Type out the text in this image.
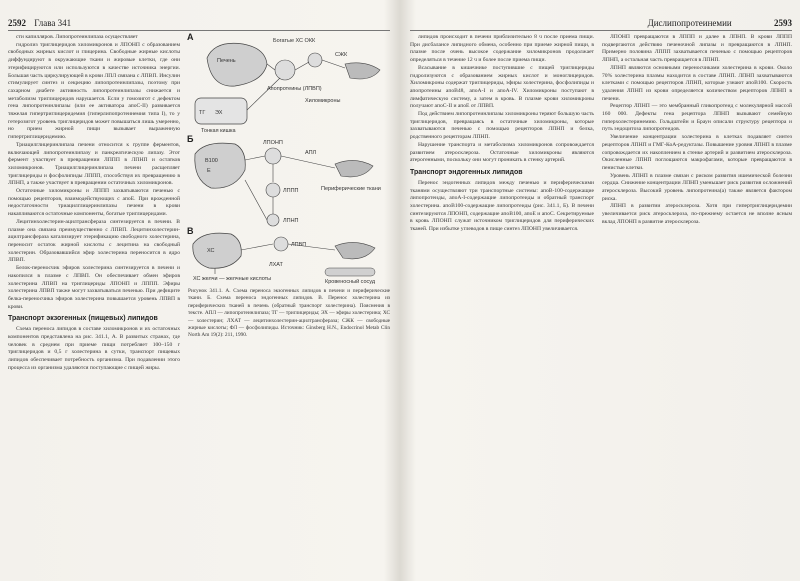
2592 Глава 341

сти капилляров. Липопротеинлипаза осуществляет

гидролиз триглицеридов хиломикронов и ЛПОНП с образованием свободных жирных кислот и глицерина. Свободные жирные кислоты диффундируют в окружающие ткани и жировые клетки, где они этерифицируются или используются в качестве источника энергии. Большая часть циркулирующей в крови ЛПЛ связана с ЛПВП. Инсулин стимулирует синтез и секрецию липопротеинлипазы, поэтому при сахарном диабете активность липопротеинлипазы снижается и метаболизм триглицеридов нарушается. Если у гомозигот с дефектом гена липопротеинлипазы (или ее активатора апоС-II) развивается тяжелая гипертриглицеридемия (гиперлипопротеинемия типа I), то у гетерозигот уровень триглицеридов может повышаться лишь умеренно, но прием жирной пищи вызывает выраженную гипертриглицеридемию.

Триацилглицеринлипаза печени относится к группе ферментов, включающей липопротеинлипазу и панкреатическую липазу. Этот фермент участвует в превращении ЛППП в ЛПНП и остатков хиломикронов. Триацилглицеринлипаза печени расщепляет триглицериды и фосфолипиды ЛППП, способствуя их превращению в ЛПНП, а также участвует в превращении остаточных хиломикронов.

Остаточные хиломикроны и ЛППП захватываются печенью с помощью рецепторов, взаимодействующих с апоЕ. При врожденной недостаточности триацилглицеринлипазы печени в крови накапливаются остаточные компоненты, богатые триглицеридами.

Лецитинхолестерин-ацилтрансфераза синтезируется в печени. В плазме она связана преимущественно с ЛПВП. Лецитинхолестерин-ацилтрансфераза катализирует этерификацию свободного холестерина, переносит остаток жирной кислоты с лецитина на свободный холестерин. Образовавшийся эфир холестерина переносится в ядро ЛПВП.

Белок-переносчик эфиров холестерина синтезируется в печени и накопился в плазме с ЛПВП. Он обеспечивает обмен эфиров холестерина ЛПВП на триглицериды ЛПОНП и ЛППП. Эфиры холестерина ЛПВП также могут захватываться печенью. При дефиците белка-переносчика эфиров холестерина повышается уровень ЛПВП в крови.

Транспорт экзогенных (пищевых) липидов

Схема переноса липидов в составе хиломикронов и их остаточных компонентов представлена на рис. 341.1, А. В развитых странах, где человек в среднем при приеме пищи потребляет 100–150 г триглицеридов и 0,5 г холестерина в сутки, транспорт пищевых липидов обеспечивает потребность организма. При подавлении этого процесса из организма удаляются поступающие с пищей жиры.

А
Печень
ТГ ЭХ
Тонкая кишка
Богатые ХС ОКК
Апопротеины (ЛПВП)
Хиломикроны
СЖК
Б
B100
E
ЛПОНП
ЛППП
ЛПНП
АПЛ
Периферические ткани
В
ХС
ЛПВП
ЛХАТ
Кровеносный сосуд
ХС желчи — желчные кислоты
Рисунок 341.1. А. Схема переноса экзогенных липидов в печени и периферические ткани. Б. Схема переноса эндогенных липидов. В. Перенос холестерина из периферических тканей в печень (обратный транспорт холестерина). Пояснения в тексте. АПЛ — липопротеинлипаза; ТГ — триглицериды; ЭХ — эфиры холестерина; ХС — холестерин; ЛХАТ — лецитинхолестерин-ацилтрансфераза; СЖК — свободные жирные кислоты; ФЛ — фосфолипиды. Источник: Ginsberg H.N., Endocrinol Metab Clin North Am 19(2): 211, 1990.
Дислипопротеинемии	2593

липидов происходит в печени приблизительно 8 ч после приема пищи. При дисбалансе липидного обмена, особенно при приеме жирной пищи, в плазме после очень высокое содержание хиломикронов продолжает определяться в течение 12 ч и более после приема пищи.

Всасывание в кишечнике поступившие с пищей триглицериды гидролизуются с образованием жирных кислот и моноглицеридов. Хиломикроны содержат триглицериды, эфиры холестерина, фосфолипиды и апопротеины апоВ48, апоА-I и апоА-IV. Хиломикроны поступают в лимфатическую систему, а затем в кровь. В плазме крови хиломикроны получают апоС-II и апоЕ от ЛПВП.

Под действием липопротеинлипазы хиломикроны теряют большую часть триглицеридов, превращаясь в остаточные хиломикроны, которые захватываются печенью с помощью рецепторов ЛПНП и белка, родственного рецепторам ЛПНП.

Нарушение транспорта и метаболизма хиломикронов сопровождается развитием атеросклероза. Остаточные хиломикроны являются атерогенными, поскольку они могут проникать в стенку артерий.

Транспорт эндогенных липидов

Перенос эндогенных липидов между печенью и периферическими тканями осуществляют три транспортные системы: апоВ-100-содержащие липопротеиды, апоА-I-содержащие липопротеиды и обратный транспорт холестерина. апоВ100-содержащие липопротеиды (рис. 341.1, Б). В печени синтезируются ЛПОНП, содержащие апоВ100, апоЕ и апоС. Секретируемые в кровь ЛПОНП служат источником триглицеридов для периферических тканей. При избытке углеводов в пище синтез ЛПОНП увеличивается.

ЛПОНП превращаются в ЛППП и далее в ЛПНП. В крови ЛППП подвергаются действию печеночной липазы и превращаются в ЛПНП. Примерно половина ЛППП захватывается печенью с помощью рецепторов ЛПНП, а остальная часть превращается в ЛПНП.

ЛПНП являются основными переносчиками холестерина в крови. Около 70% холестерина плазмы находится в составе ЛПНП. ЛПНП захватываются клетками с помощью рецепторов ЛПНП, которые узнают апоВ100. Скорость удаления ЛПНП из крови определяется количеством рецепторов ЛПНП в печени.

Рецептор ЛПНП — это мембранный гликопротеид с молекулярной массой 160 000. Дефекты гена рецептора ЛПНП вызывают семейную гиперхолестеринемию. Гольдштейн и Браун описали структуру рецептора и путь эндоцитоза липопротеидов.

Увеличение концентрации холестерина в клетках подавляет синтез рецепторов ЛПНП и ГМГ-КоА-редуктазы. Повышение уровня ЛПНП в плазме сопровождается их накоплением в стенке артерий и развитием атеросклероза. Окисленные ЛПНП поглощаются макрофагами, которые превращаются в пенистые клетки.

Уровень ЛПНП в плазме связан с риском развития ишемической болезни сердца. Снижение концентрации ЛПНП уменьшает риск развития осложнений атеросклероза. Высокий уровень липопротеина(а) также является фактором риска.

ЛПНП в развитии атеросклероза. Хотя при гипертриглицеридемии увеличивается риск атеросклероза, по-прежнему остается не вполне ясным вклад ЛПОНП в развитие атеросклероза.
